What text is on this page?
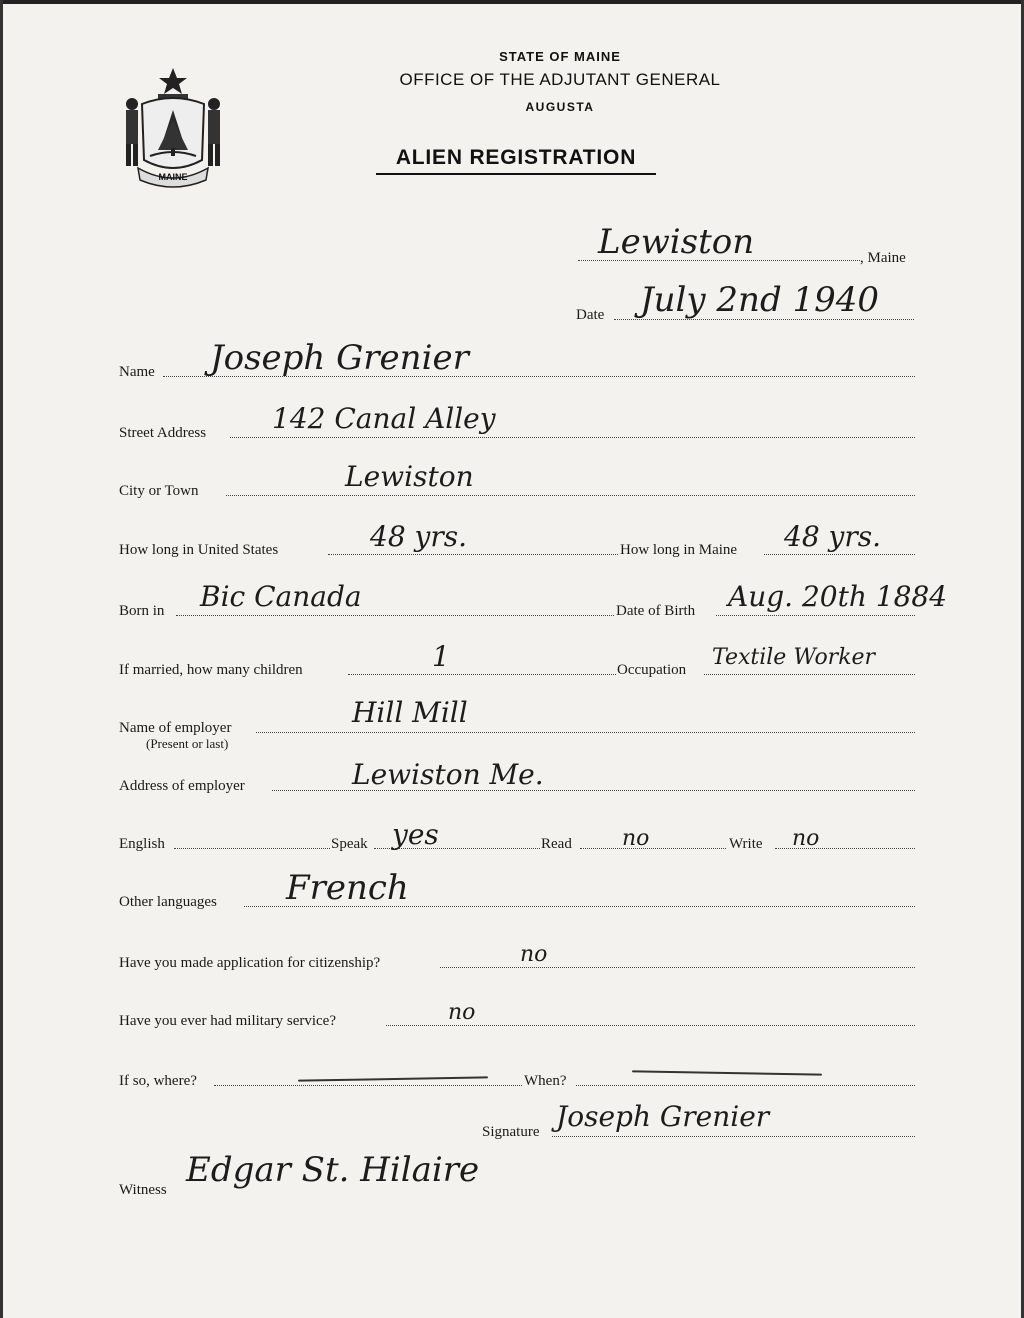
MAINE
STATE OF MAINE
OFFICE OF THE ADJUTANT GENERAL
AUGUSTA
ALIEN REGISTRATION
Lewiston	, Maine
Date July 2nd 1940
Name Joseph Grenier
Street Address 142 Canal Alley
City or Town	Lewiston
How long in United States	48 yrs.	How long in Maine 48 yrs.
Born in Bic Canada	Date of Birth Aug. 20th 1884
If married, how many children	1	Occupation Textile Worker
Name of employer
(Present or last)
Hill Mill
Address of employer	Lewiston Me.
English	Speak yes	Read no	Write no
Other languages French
Have you made application for citizenship?	no
Have you ever had military service?	no
If so, where?	When?
Signature Joseph Grenier
Witness Edgar St. Hilaire
